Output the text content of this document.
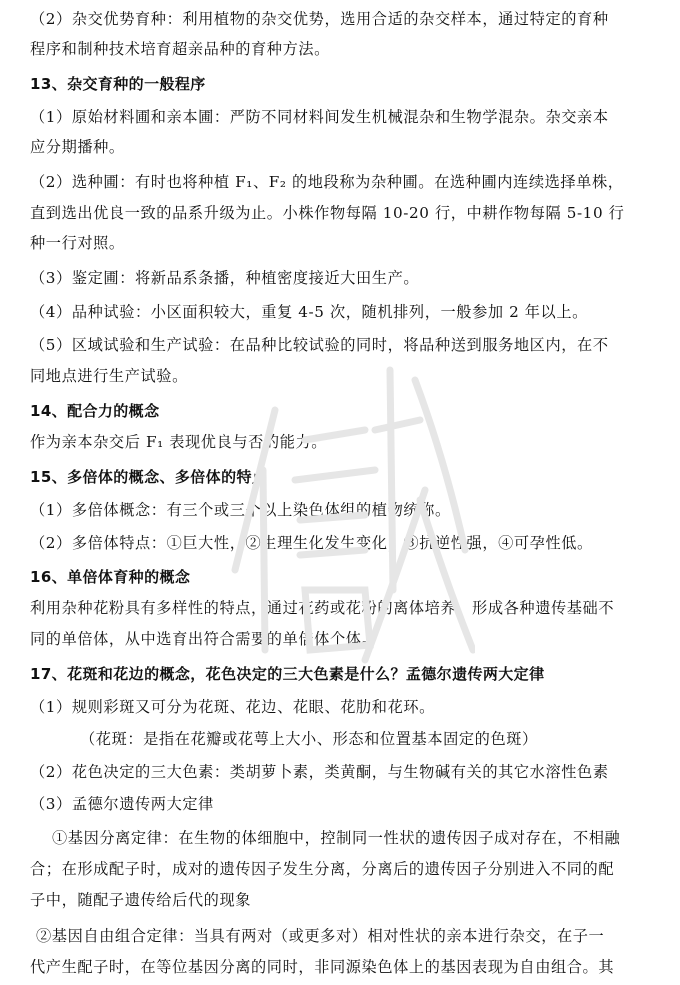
（2）杂交优势育种：利用植物的杂交优势，选用合适的杂交样本，通过特定的育种
程序和制种技术培育超亲品种的育种方法。
13、杂交育种的一般程序
（1）原始材料圃和亲本圃：严防不同材料间发生机械混杂和生物学混杂。杂交亲本
应分期播种。
（2）选种圃：有时也将种植 F₁、F₂ 的地段称为杂种圃。在选种圃内连续选择单株，
直到选出优良一致的品系升级为止。小株作物每隔 10-20 行，中耕作物每隔 5-10 行
种一行对照。
（3）鉴定圃：将新品系条播，种植密度接近大田生产。
（4）品种试验：小区面积较大，重复 4-5 次，随机排列，一般参加 2 年以上。
（5）区域试验和生产试验：在品种比较试验的同时，将品种送到服务地区内，在不
同地点进行生产试验。
14、配合力的概念
作为亲本杂交后 F₁ 表现优良与否的能力。
15、多倍体的概念、多倍体的特点
（1）多倍体概念：有三个或三个以上染色体组的植物统称。
（2）多倍体特点：①巨大性，②生理生化发生变化，③抗逆性强，④可孕性低。
16、单倍体育种的概念
利用杂种花粉具有多样性的特点，通过花药或花粉的离体培养，形成各种遗传基础不
同的单倍体，从中选育出符合需要的单倍体个体。
17、花斑和花边的概念，花色决定的三大色素是什么？孟德尔遗传两大定律
（1）规则彩斑又可分为花斑、花边、花眼、花肋和花环。
（花斑：是指在花瓣或花萼上大小、形态和位置基本固定的色斑）
（2）花色决定的三大色素：类胡萝卜素，类黄酮，与生物碱有关的其它水溶性色素
（3）孟德尔遗传两大定律
①基因分离定律：在生物的体细胞中，控制同一性状的遗传因子成对存在，不相融
合；在形成配子时，成对的遗传因子发生分离，分离后的遗传因子分别进入不同的配
子中，随配子遗传给后代的现象
②基因自由组合定律：当具有两对（或更多对）相对性状的亲本进行杂交，在子一
代产生配子时，在等位基因分离的同时，非同源染色体上的基因表现为自由组合。其
